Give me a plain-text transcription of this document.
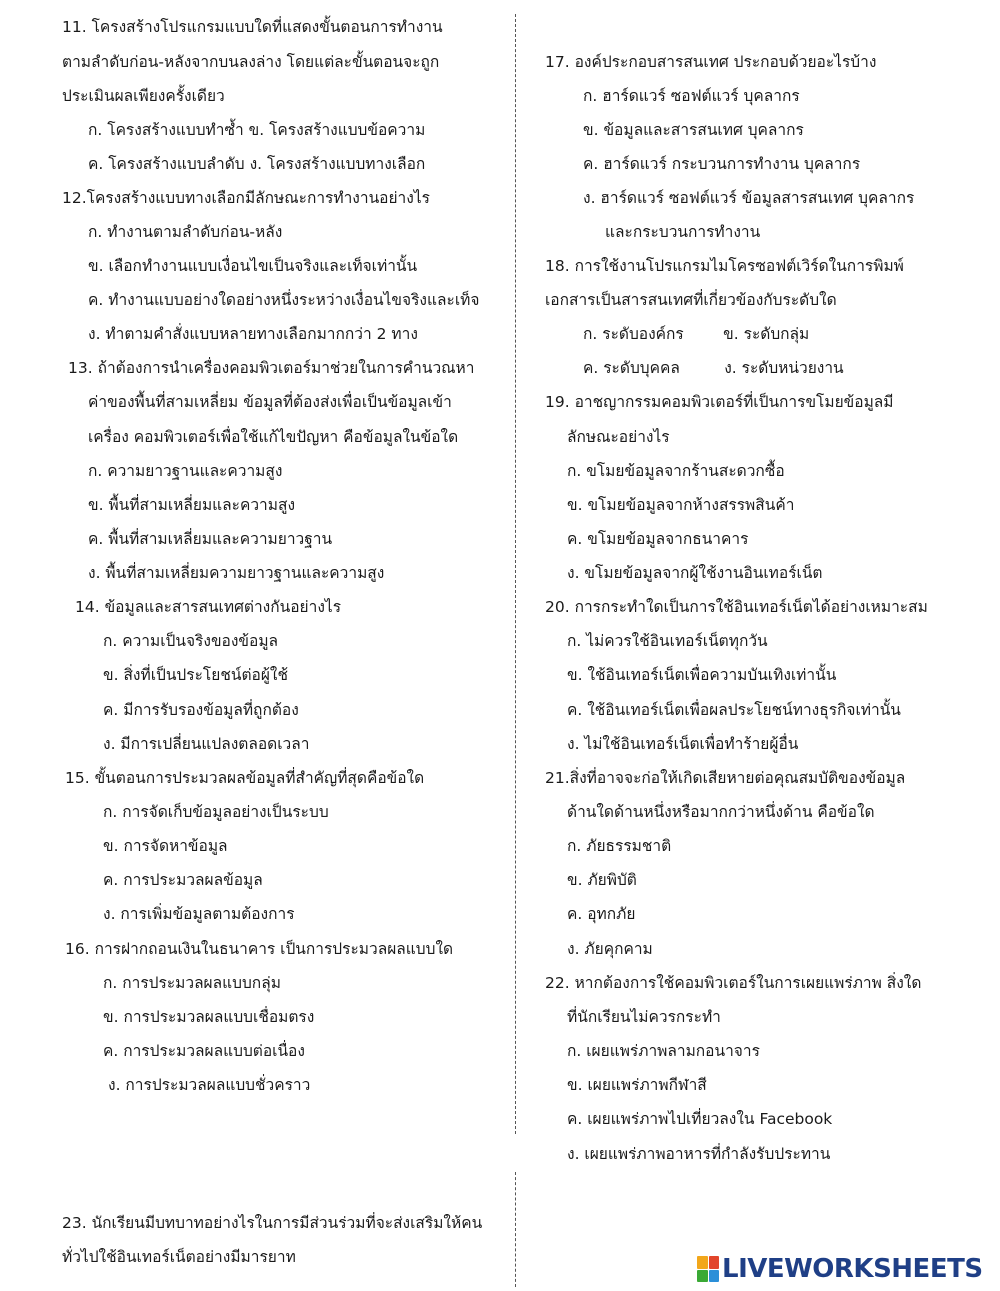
11. โครงสร้างโปรแกรมแบบใดที่แสดงขั้นตอนการทำงาน
ตามลำดับก่อน-หลังจากบนลงล่าง โดยแต่ละขั้นตอนจะถูก
ประเมินผลเพียงครั้งเดียว
ก. โครงสร้างแบบทำซ้ำ ข. โครงสร้างแบบข้อความ
ค. โครงสร้างแบบลำดับ ง. โครงสร้างแบบทางเลือก
12.โครงสร้างแบบทางเลือกมีลักษณะการทำงานอย่างไร
ก. ทำงานตามลำดับก่อน-หลัง
ข. เลือกทำงานแบบเงื่อนไขเป็นจริงและเท็จเท่านั้น
ค. ทำงานแบบอย่างใดอย่างหนึ่งระหว่างเงื่อนไขจริงและเท็จ
ง. ทำตามคำสั่งแบบหลายทางเลือกมากกว่า 2 ทาง
13. ถ้าต้องการนำเครื่องคอมพิวเตอร์มาช่วยในการคำนวณหา
ค่าของพื้นที่สามเหลี่ยม ข้อมูลที่ต้องส่งเพื่อเป็นข้อมูลเข้า
เครื่อง คอมพิวเตอร์เพื่อใช้แก้ไขปัญหา คือข้อมูลในข้อใด
ก. ความยาวฐานและความสูง
ข. พื้นที่สามเหลี่ยมและความสูง
ค. พื้นที่สามเหลี่ยมและความยาวฐาน
ง. พื้นที่สามเหลี่ยมความยาวฐานและความสูง
14. ข้อมูลและสารสนเทศต่างกันอย่างไร
ก. ความเป็นจริงของข้อมูล
ข. สิ่งที่เป็นประโยชน์ต่อผู้ใช้
ค. มีการรับรองข้อมูลที่ถูกต้อง
ง. มีการเปลี่ยนแปลงตลอดเวลา
15. ขั้นตอนการประมวลผลข้อมูลที่สำคัญที่สุดคือข้อใด
ก. การจัดเก็บข้อมูลอย่างเป็นระบบ
ข. การจัดหาข้อมูล
ค. การประมวลผลข้อมูล
ง. การเพิ่มข้อมูลตามต้องการ
16. การฝากถอนเงินในธนาคาร เป็นการประมวลผลแบบใด
ก. การประมวลผลแบบกลุ่ม
ข. การประมวลผลแบบเชื่อมตรง
ค. การประมวลผลแบบต่อเนื่อง
ง. การประมวลผลแบบชั่วคราว
23. นักเรียนมีบทบาทอย่างไรในการมีส่วนร่วมที่จะส่งเสริมให้คน
ทั่วไปใช้อินเทอร์เน็ตอย่างมีมารยาท
17. องค์ประกอบสารสนเทศ ประกอบด้วยอะไรบ้าง
ก. ฮาร์ดแวร์ ซอฟต์แวร์ บุคลากร
ข. ข้อมูลและสารสนเทศ บุคลากร
ค. ฮาร์ดแวร์ กระบวนการทำงาน บุคลากร
ง. ฮาร์ดแวร์ ซอฟต์แวร์ ข้อมูลสารสนเทศ บุคลากร
และกระบวนการทำงาน
18. การใช้งานโปรแกรมไมโครซอฟต์เวิร์ดในการพิมพ์
เอกสารเป็นสารสนเทศที่เกี่ยวข้องกับระดับใด
ก. ระดับองค์กร        ข. ระดับกลุ่ม
ค. ระดับบุคคล         ง. ระดับหน่วยงาน
19. อาชญากรรมคอมพิวเตอร์ที่เป็นการขโมยข้อมูลมี
ลักษณะอย่างไร
ก. ขโมยข้อมูลจากร้านสะดวกซื้อ
ข. ขโมยข้อมูลจากห้างสรรพสินค้า
ค. ขโมยข้อมูลจากธนาคาร
ง. ขโมยข้อมูลจากผู้ใช้งานอินเทอร์เน็ต
20. การกระทำใดเป็นการใช้อินเทอร์เน็ตได้อย่างเหมาะสม
ก. ไม่ควรใช้อินเทอร์เน็ตทุกวัน
ข. ใช้อินเทอร์เน็ตเพื่อความบันเทิงเท่านั้น
ค. ใช้อินเทอร์เน็ตเพื่อผลประโยชน์ทางธุรกิจเท่านั้น
ง. ไม่ใช้อินเทอร์เน็ตเพื่อทำร้ายผู้อื่น
21.สิ่งที่อาจจะก่อให้เกิดเสียหายต่อคุณสมบัติของข้อมูล
ด้านใดด้านหนึ่งหรือมากกว่าหนึ่งด้าน คือข้อใด
ก. ภัยธรรมชาติ
ข. ภัยพิบัติ
ค. อุทกภัย
ง. ภัยคุกคาม
22. หากต้องการใช้คอมพิวเตอร์ในการเผยแพร่ภาพ สิ่งใด
ที่นักเรียนไม่ควรกระทำ
ก. เผยแพร่ภาพลามกอนาจาร
ข. เผยแพร่ภาพกีฬาสี
ค. เผยแพร่ภาพไปเที่ยวลงใน Facebook
ง. เผยแพร่ภาพอาหารที่กำลังรับประทาน
LIVEWORKSHEETS
